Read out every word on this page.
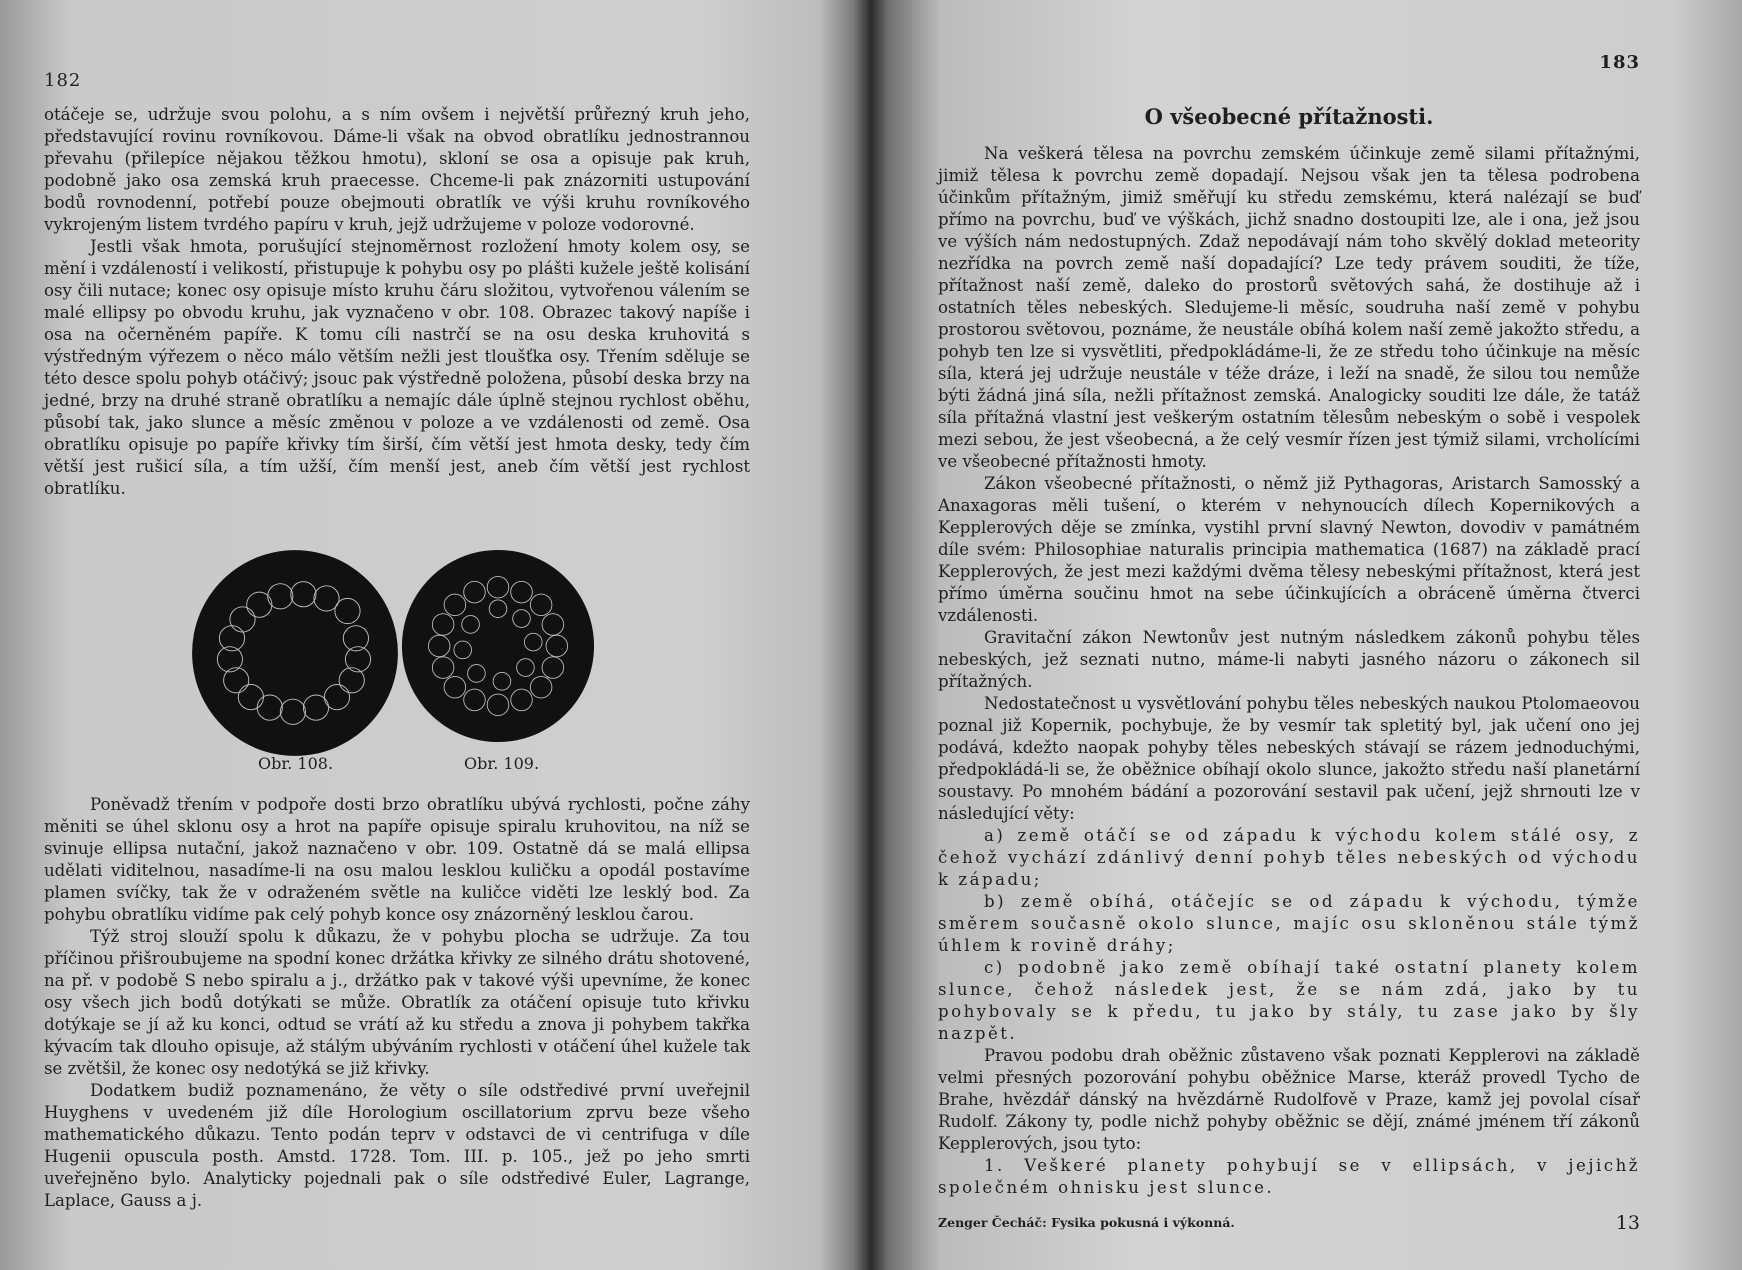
182

otáčeje se, udržuje svou polohu, a s ním ovšem i největší průřezný kruh jeho, představující rovinu rovníkovou. Dáme-li však na obvod obratlíku jednostrannou převahu (přilepíce nějakou těžkou hmotu), skloní se osa a opisuje pak kruh, podobně jako osa zemská kruh praecesse. Chceme-li pak znázorniti ustupování bodů rovnodenní, potřebí pouze obejmouti obratlík ve výši kruhu rovníkového vykrojeným listem tvrdého papíru v kruh, jejž udržujeme v poloze vodorovné.

Jestli však hmota, porušující stejnoměrnost rozložení hmoty kolem osy, se mění i vzdáleností i velikostí, přistupuje k pohybu osy po plášti kužele ještě kolisání osy čili nutace; konec osy opisuje místo kruhu čáru složitou, vytvořenou válením se malé ellipsy po obvodu kruhu, jak vyznačeno v obr. 108. Obrazec takový napíše i osa na očerněném papíře. K tomu cíli nastrčí se na osu deska kruhovitá s výstředným výřezem o něco málo větším nežli jest tloušťka osy. Třením sděluje se této desce spolu pohyb otáčivý; jsouc pak výstředně položena, působí deska brzy na jedné, brzy na druhé straně obratlíku a nemajíc dále úplně stejnou rychlost oběhu, působí tak, jako slunce a měsíc změnou v poloze a ve vzdálenosti od země. Osa obratlíku opisuje po papíře křivky tím širší, čím větší jest hmota desky, tedy čím větší jest rušicí síla, a tím užší, čím menší jest, aneb čím větší jest rychlost obratlíku.

Obr. 108.	Obr. 109.

Poněvadž třením v podpoře dosti brzo obratlíku ubývá rychlosti, počne záhy měniti se úhel sklonu osy a hrot na papíře opisuje spiralu kruhovitou, na níž se svinuje ellipsa nutační, jakož naznačeno v obr. 109. Ostatně dá se malá ellipsa udělati viditelnou, nasadíme-li na osu malou lesklou kuličku a opodál postavíme plamen svíčky, tak že v odraženém světle na kuličce viděti lze lesklý bod. Za pohybu obratlíku vidíme pak celý pohyb konce osy znázorněný lesklou čarou.

Týž stroj slouží spolu k důkazu, že v pohybu plocha se udržuje. Za tou příčinou přišroubujeme na spodní konec držátka křivky ze silného drátu shotovené, na př. v podobě S nebo spiralu a j., držátko pak v takové výši upevníme, že konec osy všech jich bodů dotýkati se může. Obratlík za otáčení opisuje tuto křivku dotýkaje se jí až ku konci, odtud se vrátí až ku středu a znova ji pohybem takřka kývacím tak dlouho opisuje, až stálým ubýváním rychlosti v otáčení úhel kužele tak se zvětšil, že konec osy nedotýká se již křivky.

Dodatkem budiž poznamenáno, že věty o síle odstředivé první uveřejnil Huyghens v uvedeném již díle Horologium oscillatorium zprvu beze všeho mathematického důkazu. Tento podán teprv v odstavci de vi centrifuga v díle Hugenii opuscula posth. Amstd. 1728. Tom. III. p. 105., jež po jeho smrti uveřejněno bylo. Analyticky pojednali pak o síle odstředivé Euler, Lagrange, Laplace, Gauss a j.

183
O všeobecné přítažnosti.

Na veškerá tělesa na povrchu zemském účinkuje země silami přítažnými, jimiž tělesa k povrchu země dopadají. Nejsou však jen ta tělesa podrobena účinkům přítažným, jimiž směřují ku středu zemskému, která nalézají se buď přímo na povrchu, buď ve výškách, jichž snadno dostoupiti lze, ale i ona, jež jsou ve výších nám nedostupných. Zdaž nepodávají nám toho skvělý doklad meteority nezřídka na povrch země naší dopadající? Lze tedy právem souditi, že tíže, přítažnost naší země, daleko do prostorů světových sahá, že dostihuje až i ostatních těles nebeských. Sledujeme-li měsíc, soudruha naší země v pohybu prostorou světovou, poznáme, že neustále obíhá kolem naší země jakožto středu, a pohyb ten lze si vysvětliti, předpokládáme-li, že ze středu toho účinkuje na měsíc síla, která jej udržuje neustále v téže dráze, i leží na snadě, že silou tou nemůže býti žádná jiná síla, nežli přítažnost zemská. Analogicky souditi lze dále, že tatáž síla přítažná vlastní jest veškerým ostatním tělesům nebeským o sobě i vespolek mezi sebou, že jest všeobecná, a že celý vesmír řízen jest týmiž silami, vrcholícími ve všeobecné přítažnosti hmoty.

Zákon všeobecné přítažnosti, o němž již Pythagoras, Aristarch Samosský a Anaxagoras měli tušení, o kterém v nehynoucích dílech Kopernikových a Kepplerových děje se zmínka, vystihl první slavný Newton, dovodiv v památném díle svém: Philosophiae naturalis principia mathematica (1687) na základě prací Kepplerových, že jest mezi každými dvěma tělesy nebeskými přítažnost, která jest přímo úměrna součinu hmot na sebe účinkujících a obráceně úměrna čtverci vzdálenosti.

Gravitační zákon Newtonův jest nutným následkem zákonů pohybu těles nebeských, jež seznati nutno, máme-li nabyti jasného názoru o zákonech sil přítažných.

Nedostatečnost u vysvětlování pohybu těles nebeských naukou Ptolomaeovou poznal již Kopernik, pochybuje, že by vesmír tak spletitý byl, jak učení ono jej podává, kdežto naopak pohyby těles nebeských stávají se rázem jednoduchými, předpokládá-li se, že oběžnice obíhají okolo slunce, jakožto středu naší planetární soustavy. Po mnohém bádání a pozorování sestavil pak učení, jejž shrnouti lze v následující věty:

a) země otáčí se od západu k východu kolem stálé osy, z čehož vychází zdánlivý denní pohyb těles nebeských od východu k západu;

b) země obíhá, otáčejíc se od západu k východu, týmže směrem současně okolo slunce, majíc osu skloněnou stále týmž úhlem k rovině dráhy;

c) podobně jako země obíhají také ostatní planety kolem slunce, čehož následek jest, že se nám zdá, jako by tu pohybovaly se k předu, tu jako by stály, tu zase jako by šly nazpět.

Pravou podobu drah oběžnic zůstaveno však poznati Kepplerovi na základě velmi přesných pozorování pohybu oběžnice Marse, kteráž provedl Tycho de Brahe, hvězdář dánský na hvězdárně Rudolfově v Praze, kamž jej povolal císař Rudolf. Zákony ty, podle nichž pohyby oběžnic se dějí, známé jménem tří zákonů Kepplerových, jsou tyto:

1. Veškeré planety pohybují se v ellipsách, v jejichž společném ohnisku jest slunce.

Zenger Čecháč: Fysika pokusná i výkonná.	13
